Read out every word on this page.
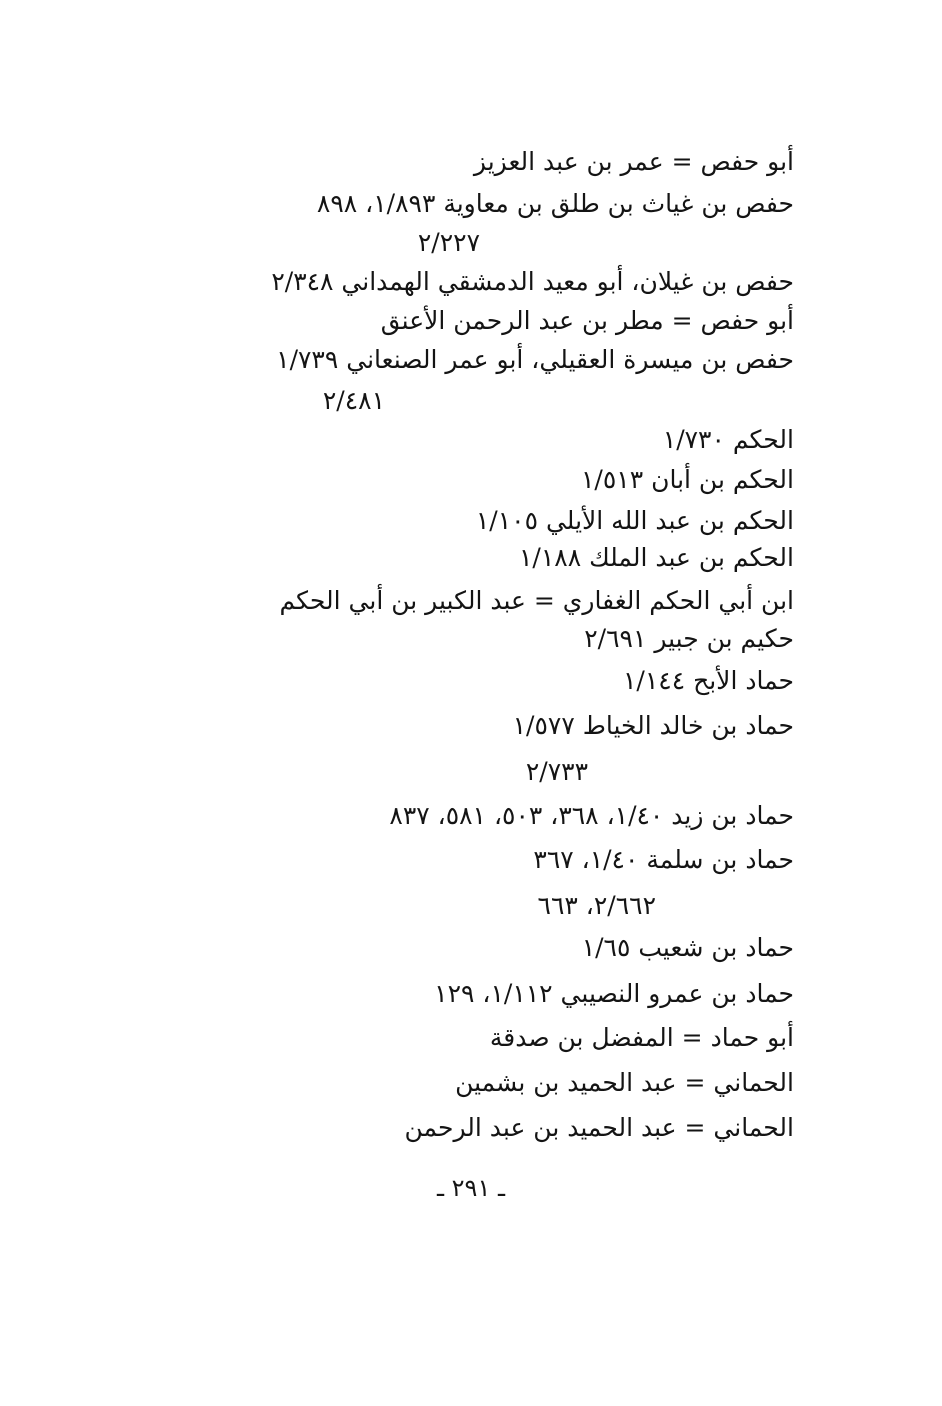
أبو حفص = عمر بن عبد العزيز
حفص بن غياث بن طلق بن معاوية ١/٨٩٣، ٨٩٨
٢/٢٢٧
حفص بن غيلان، أبو معيد الدمشقي الهمداني ٢/٣٤٨
أبو حفص = مطر بن عبد الرحمن الأعنق
حفص بن ميسرة العقيلي، أبو عمر الصنعاني ١/٧٣٩
٢/٤٨١
الحكم ١/٧٣٠
الحكم بن أبان ١/٥١٣
الحكم بن عبد الله الأيلي ١/١٠٥
الحكم بن عبد الملك ١/١٨٨
ابن أبي الحكم الغفاري = عبد الكبير بن أبي الحكم
حكيم بن جبير ٢/٦٩١
حماد الأبح ١/١٤٤
حماد بن خالد الخياط ١/٥٧٧
٢/٧٣٣
حماد بن زيد ١/٤٠، ٣٦٨، ٥٠٣، ٥٨١، ٨٣٧
حماد بن سلمة ١/٤٠، ٣٦٧
٢/٦٦٢، ٦٦٣
حماد بن شعيب ١/٦٥
حماد بن عمرو النصيبي ١/١١٢، ١٢٩
أبو حماد = المفضل بن صدقة
الحماني = عبد الحميد بن بشمين
الحماني = عبد الحميد بن عبد الرحمن
ـ ٢٩١ ـ
